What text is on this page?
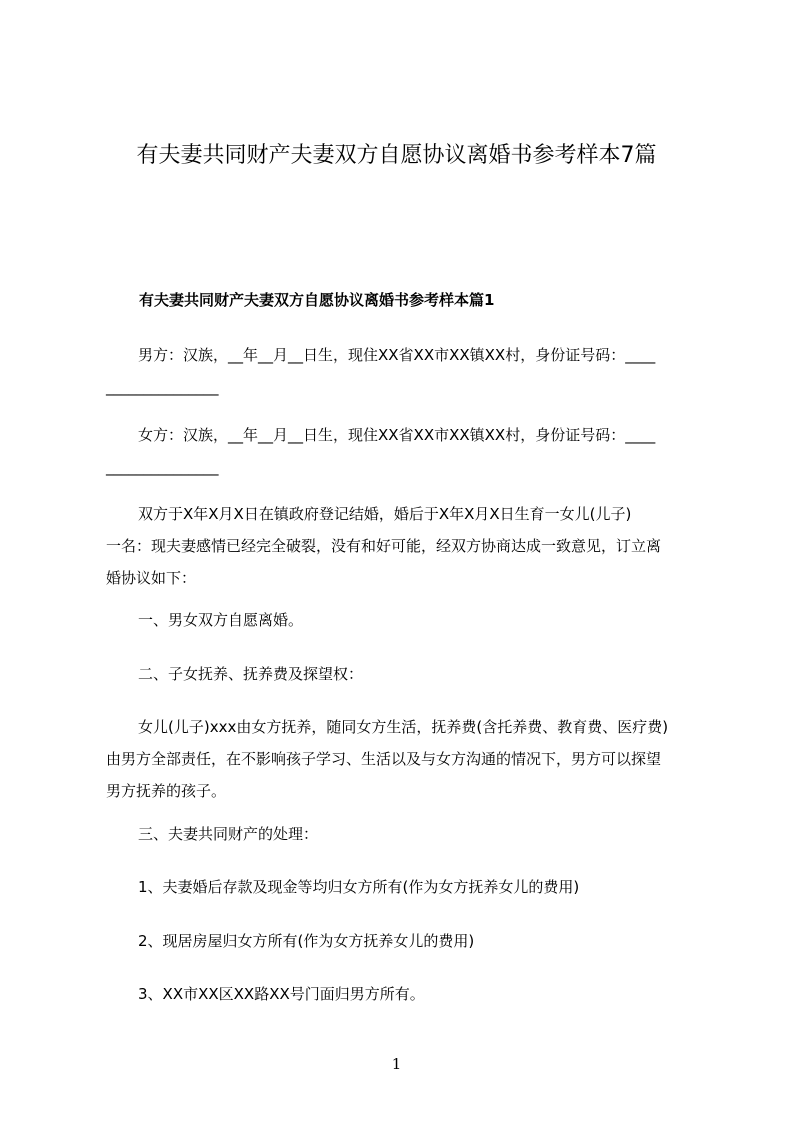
有夫妻共同财产夫妻双方自愿协议离婚书参考样本7篇
有夫妻共同财产夫妻双方自愿协议离婚书参考样本篇1
男方：汉族，__年__月__日生，现住XX省XX市XX镇XX村，身份证号码：____
_______________
女方：汉族，__年__月__日生，现住XX省XX市XX镇XX村，身份证号码：____
_______________
双方于X年X月X日在镇政府登记结婚，婚后于X年X月X日生育一女儿(儿子)
一名：现夫妻感情已经完全破裂，没有和好可能，经双方协商达成一致意见，订立离
婚协议如下：
一、男女双方自愿离婚。
二、子女抚养、抚养费及探望权：
女儿(儿子)xxx由女方抚养，随同女方生活，抚养费(含托养费、教育费、医疗费)
由男方全部责任，在不影响孩子学习、生活以及与女方沟通的情况下，男方可以探望
男方抚养的孩子。
三、夫妻共同财产的处理：
1、夫妻婚后存款及现金等均归女方所有(作为女方抚养女儿的费用)
2、现居房屋归女方所有(作为女方抚养女儿的费用)
3、XX市XX区XX路XX号门面归男方所有。
1
